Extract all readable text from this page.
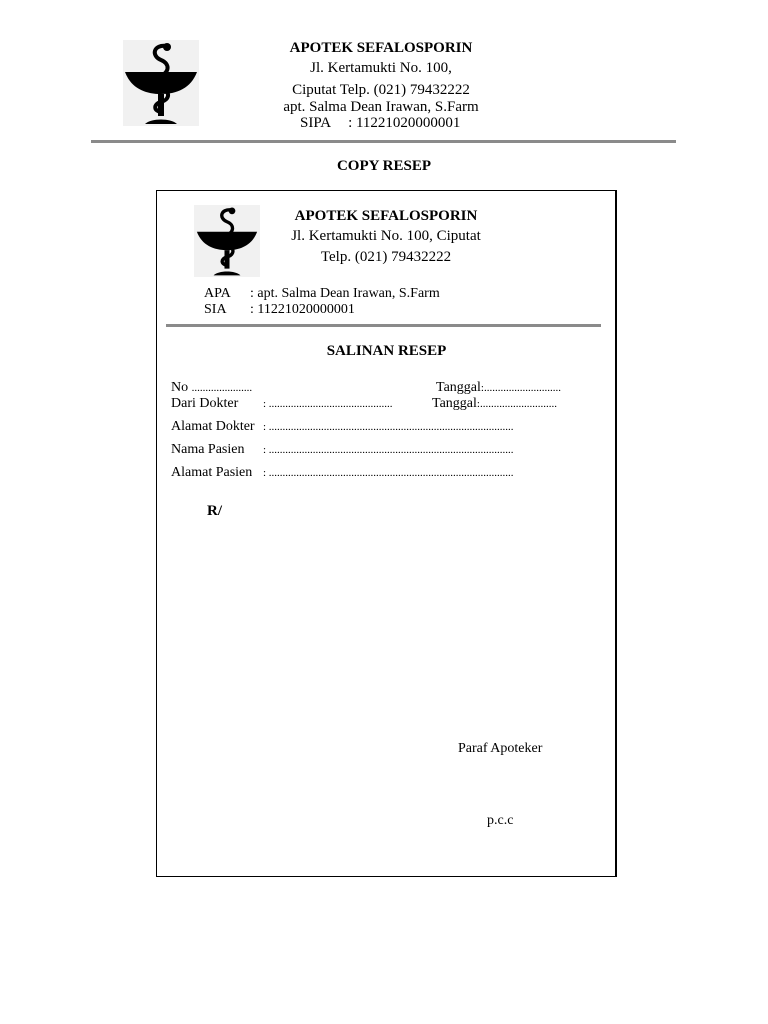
APOTEK SEFALOSPORIN
Jl. Kertamukti No. 100,
Ciputat Telp. (021) 79432222
apt. Salma Dean Irawan, S.Farm
SIPA : 11221020000001
COPY RESEP
APOTEK SEFALOSPORIN
Jl. Kertamukti No. 100, Ciputat
Telp. (021) 79432222
APA : apt. Salma Dean Irawan, S.Farm
SIA : 11221020000001
SALINAN RESEP
No ......................	Tanggal:............................
Dari Dokter : .............................................	Tanggal:............................
Alamat Dokter : .........................................................................................
Nama Pasien : .........................................................................................
Alamat Pasien : .........................................................................................
R/
Paraf Apoteker
p.c.c
